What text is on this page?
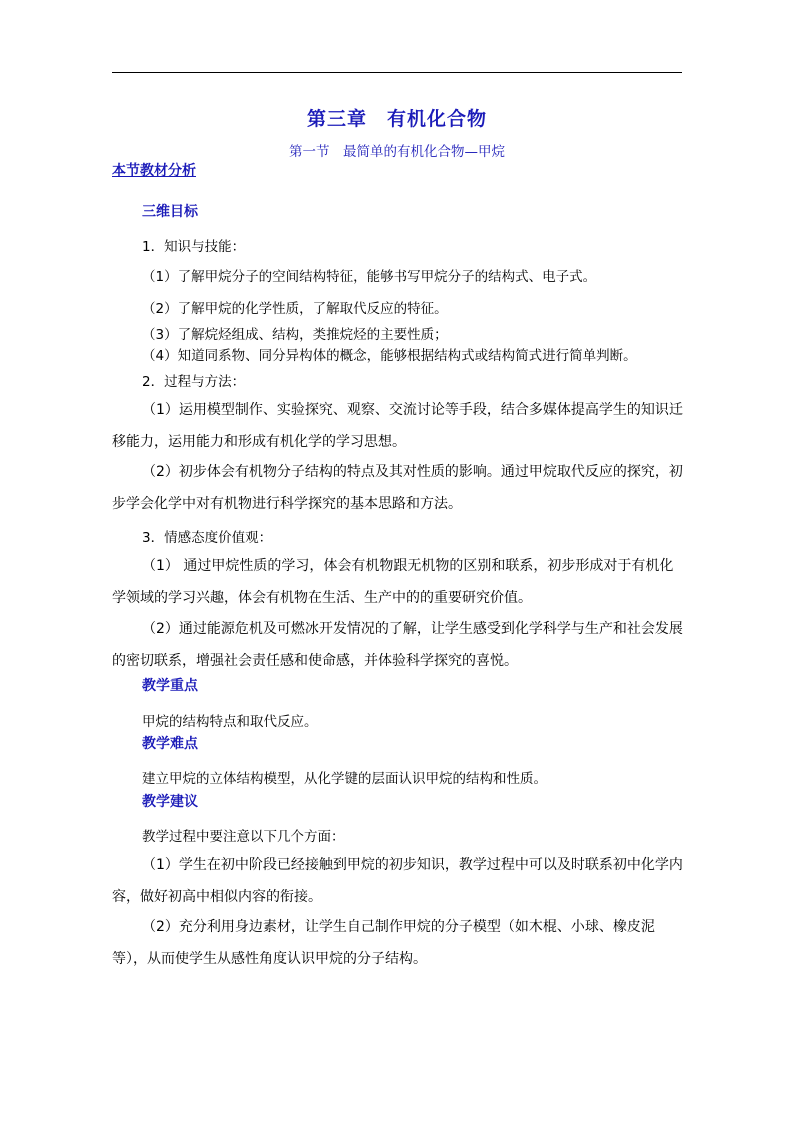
第三章　有机化合物
第一节　最简单的有机化合物—甲烷
本节教材分析
三维目标
1．知识与技能：
（1）了解甲烷分子的空间结构特征，能够书写甲烷分子的结构式、电子式。
（2）了解甲烷的化学性质，了解取代反应的特征。
（3）了解烷烃组成、结构，类推烷烃的主要性质；
（4）知道同系物、同分异构体的概念，能够根据结构式或结构简式进行简单判断。
2．过程与方法：

（1）运用模型制作、实验探究、观察、交流讨论等手段，结合多媒体提高学生的知识迁移能力，运用能力和形成有机化学的学习思想。

（2）初步体会有机物分子结构的特点及其对性质的影响。通过甲烷取代反应的探究，初步学会化学中对有机物进行科学探究的基本思路和方法。

3．情感态度价值观：

（1） 通过甲烷性质的学习，体会有机物跟无机物的区别和联系，初步形成对于有机化学领域的学习兴趣，体会有机物在生活、生产中的的重要研究价值。

（2）通过能源危机及可燃冰开发情况的了解，让学生感受到化学科学与生产和社会发展的密切联系，增强社会责任感和使命感，并体验科学探究的喜悦。

教学重点
甲烷的结构特点和取代反应。
教学难点
建立甲烷的立体结构模型，从化学键的层面认识甲烷的结构和性质。
教学建议
教学过程中要注意以下几个方面：

（1）学生在初中阶段已经接触到甲烷的初步知识，教学过程中可以及时联系初中化学内容，做好初高中相似内容的衔接。

（2）充分利用身边素材，让学生自己制作甲烷的分子模型（如木棍、小球、橡皮泥等），从而使学生从感性角度认识甲烷的分子结构。
